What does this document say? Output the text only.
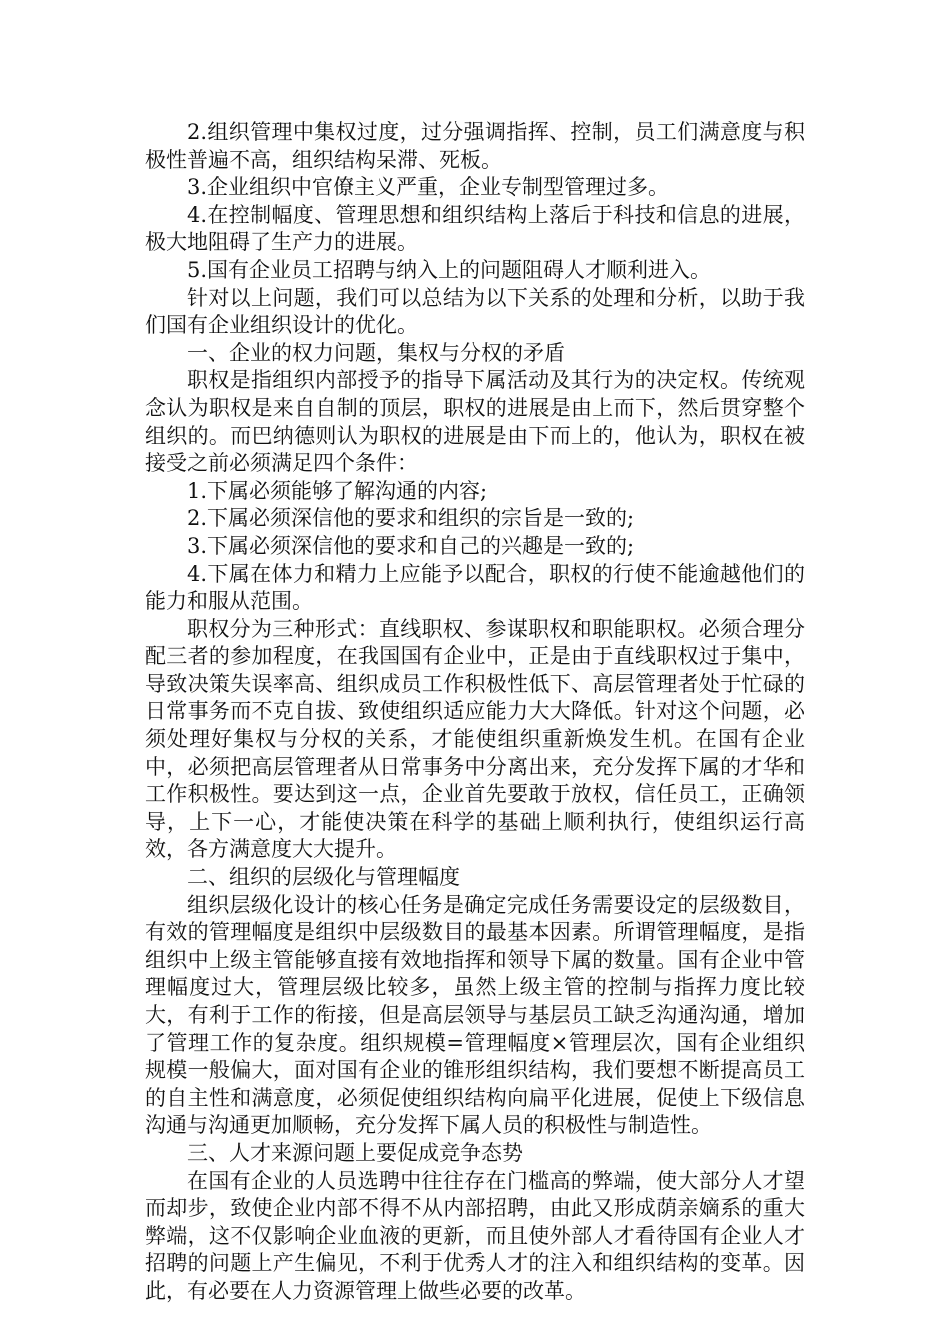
2.组织管理中集权过度，过分强调指挥、控制，员工们满意度与积极性普遍不高，组织结构呆滞、死板。

3.企业组织中官僚主义严重，企业专制型管理过多。

4.在控制幅度、管理思想和组织结构上落后于科技和信息的进展，极大地阻碍了生产力的进展。

5.国有企业员工招聘与纳入上的问题阻碍人才顺利进入。

针对以上问题，我们可以总结为以下关系的处理和分析，以助于我们国有企业组织设计的优化。

一、企业的权力问题，集权与分权的矛盾

职权是指组织内部授予的指导下属活动及其行为的决定权。传统观念认为职权是来自自制的顶层，职权的进展是由上而下，然后贯穿整个组织的。而巴纳德则认为职权的进展是由下而上的，他认为，职权在被接受之前必须满足四个条件：

1.下属必须能够了解沟通的内容;

2.下属必须深信他的要求和组织的宗旨是一致的;

3.下属必须深信他的要求和自己的兴趣是一致的;

4.下属在体力和精力上应能予以配合，职权的行使不能逾越他们的能力和服从范围。

职权分为三种形式：直线职权、参谋职权和职能职权。必须合理分配三者的参加程度，在我国国有企业中，正是由于直线职权过于集中，导致决策失误率高、组织成员工作积极性低下、高层管理者处于忙碌的日常事务而不克自拔、致使组织适应能力大大降低。针对这个问题，必须处理好集权与分权的关系，才能使组织重新焕发生机。在国有企业中，必须把高层管理者从日常事务中分离出来，充分发挥下属的才华和工作积极性。要达到这一点，企业首先要敢于放权，信任员工，正确领导，上下一心，才能使决策在科学的基础上顺利执行，使组织运行高效，各方满意度大大提升。

二、组织的层级化与管理幅度

组织层级化设计的核心任务是确定完成任务需要设定的层级数目，有效的管理幅度是组织中层级数目的最基本因素。所谓管理幅度，是指组织中上级主管能够直接有效地指挥和领导下属的数量。国有企业中管理幅度过大，管理层级比较多，虽然上级主管的控制与指挥力度比较大，有利于工作的衔接，但是高层领导与基层员工缺乏沟通沟通，增加了管理工作的复杂度。组织规模=管理幅度×管理层次，国有企业组织规模一般偏大，面对国有企业的锥形组织结构，我们要想不断提高员工的自主性和满意度，必须促使组织结构向扁平化进展，促使上下级信息沟通与沟通更加顺畅，充分发挥下属人员的积极性与制造性。

三、人才来源问题上要促成竞争态势

在国有企业的人员选聘中往往存在门槛高的弊端，使大部分人才望而却步，致使企业内部不得不从内部招聘，由此又形成荫亲嫡系的重大弊端，这不仅影响企业血液的更新，而且使外部人才看待国有企业人才招聘的问题上产生偏见，不利于优秀人才的注入和组织结构的变革。因此，有必要在人力资源管理上做些必要的改革。
